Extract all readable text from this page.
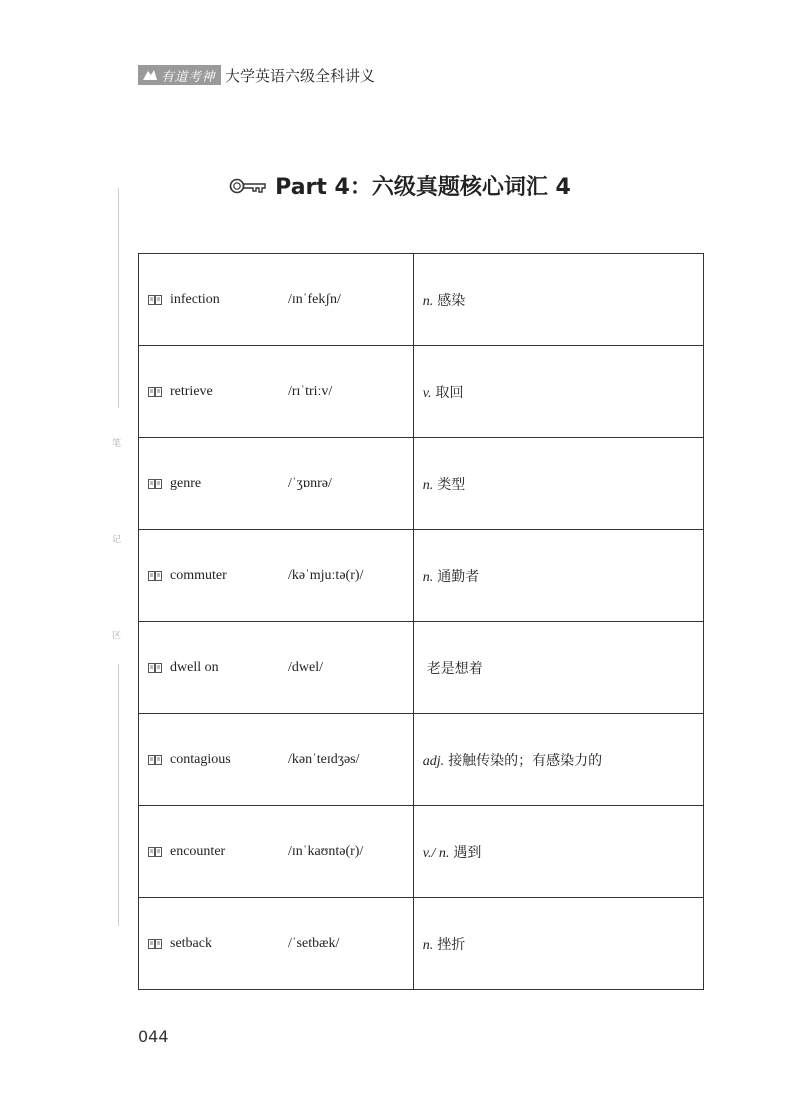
有道考神 大学英语六级全科讲义
笔
记
区
Part 4：六级真题核心词汇 4
infection /ɪnˈfekʃn/	n. 感染

retrieve /rɪˈtriːv/	v. 取回

genre /ˈʒɒnrə/	n. 类型

commuter /kəˈmjuːtə(r)/	n. 通勤者

dwell on /dwel/	老是想着

contagious /kənˈteɪdʒəs/	adj. 接触传染的；有感染力的

encounter /ɪnˈkaʊntə(r)/	v./ n. 遇到

setback /ˈsetbæk/	n. 挫折
044
